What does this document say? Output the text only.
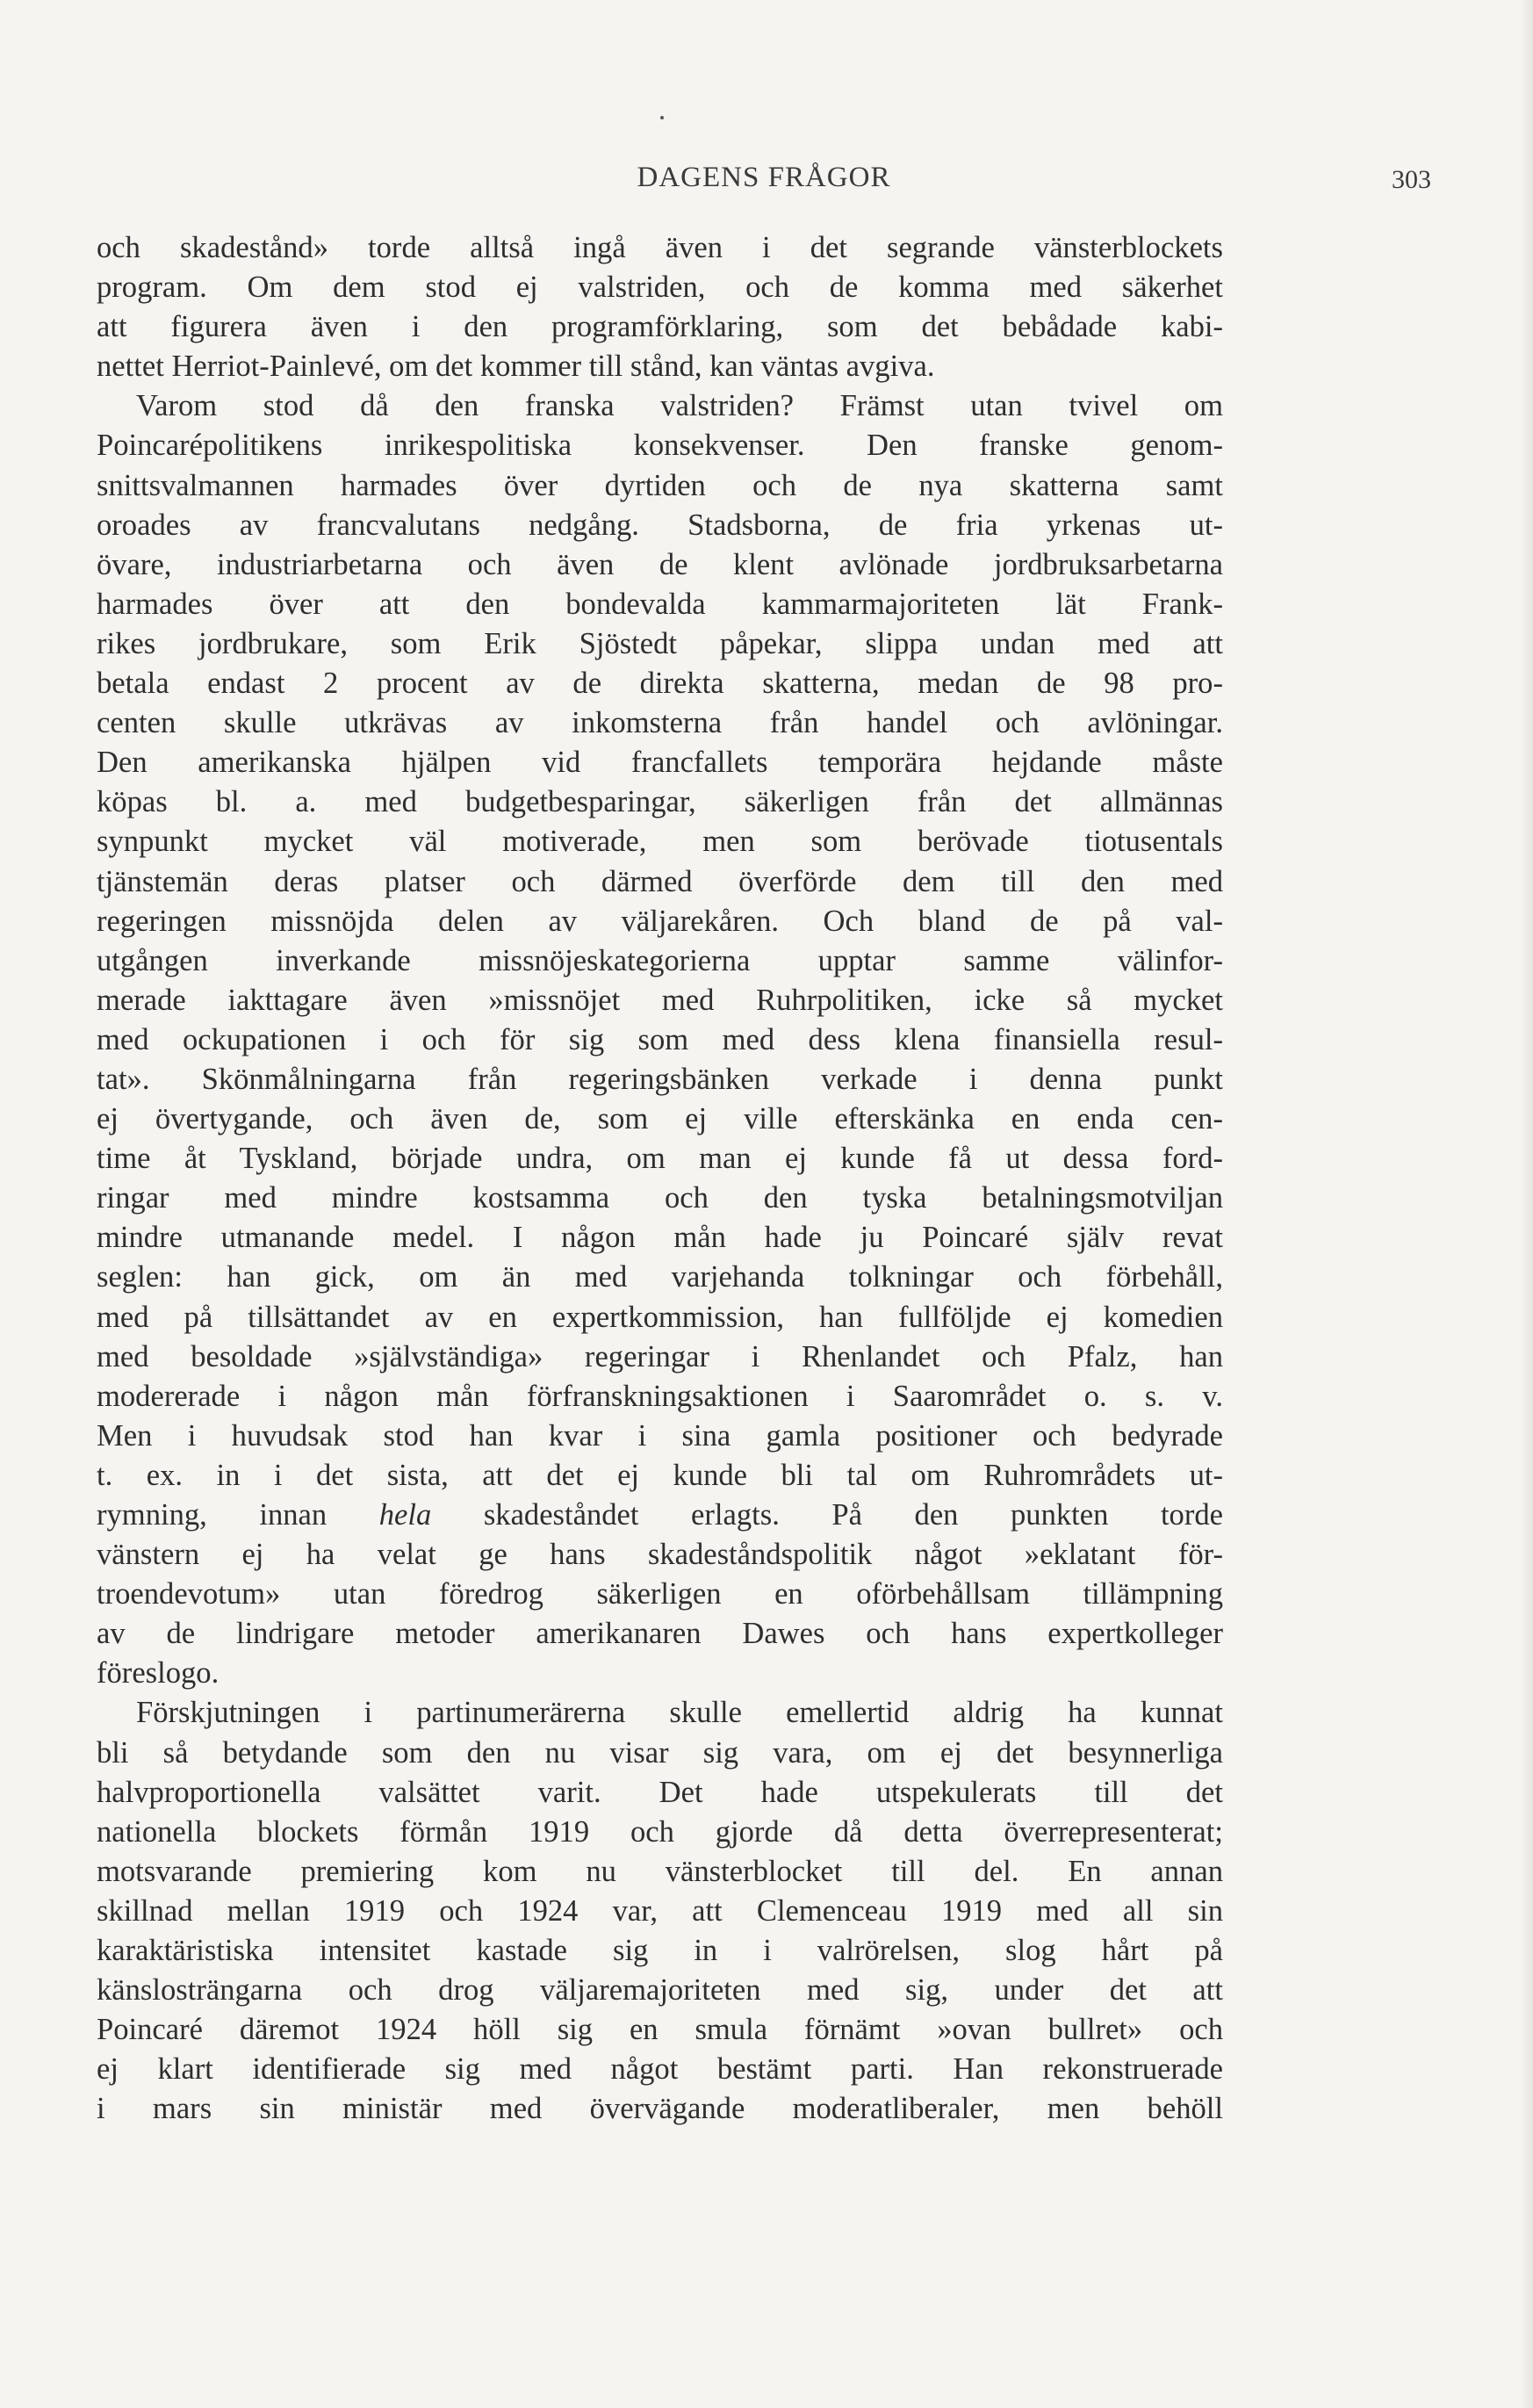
DAGENS FRÅGOR	303
och skadestånd» torde alltså ingå även i det segrande vänsterblockets
program. Om dem stod ej valstriden, och de komma med säkerhet
att figurera även i den programförklaring, som det bebådade kabi-
nettet Herriot-Painlevé, om det kommer till stånd, kan väntas avgiva.
Varom stod då den franska valstriden? Främst utan tvivel om
Poincarépolitikens inrikespolitiska konsekvenser. Den franske genom-
snittsvalmannen harmades över dyrtiden och de nya skatterna samt
oroades av francvalutans nedgång. Stadsborna, de fria yrkenas ut-
övare, industriarbetarna och även de klent avlönade jordbruksarbetarna
harmades över att den bondevalda kammarmajoriteten lät Frank-
rikes jordbrukare, som Erik Sjöstedt påpekar, slippa undan med att
betala endast 2 procent av de direkta skatterna, medan de 98 pro-
centen skulle utkrävas av inkomsterna från handel och avlöningar.
Den amerikanska hjälpen vid francfallets temporära hejdande måste
köpas bl. a. med budgetbesparingar, säkerligen från det allmännas
synpunkt mycket väl motiverade, men som berövade tiotusentals
tjänstemän deras platser och därmed överförde dem till den med
regeringen missnöjda delen av väljarekåren. Och bland de på val-
utgången inverkande missnöjeskategorierna upptar samme välinfor-
merade iakttagare även »missnöjet med Ruhrpolitiken, icke så mycket
med ockupationen i och för sig som med dess klena finansiella resul-
tat». Skönmålningarna från regeringsbänken verkade i denna punkt
ej övertygande, och även de, som ej ville efterskänka en enda cen-
time åt Tyskland, började undra, om man ej kunde få ut dessa ford-
ringar med mindre kostsamma och den tyska betalningsmotviljan
mindre utmanande medel. I någon mån hade ju Poincaré själv revat
seglen: han gick, om än med varjehanda tolkningar och förbehåll,
med på tillsättandet av en expertkommission, han fullföljde ej komedien
med besoldade »självständiga» regeringar i Rhenlandet och Pfalz, han
modererade i någon mån förfranskningsaktionen i Saarområdet o. s. v.
Men i huvudsak stod han kvar i sina gamla positioner och bedyrade
t. ex. in i det sista, att det ej kunde bli tal om Ruhrområdets ut-
rymning, innan hela skadeståndet erlagts. På den punkten torde
vänstern ej ha velat ge hans skadeståndspolitik något »eklatant för-
troendevotum» utan föredrog säkerligen en oförbehållsam tillämpning
av de lindrigare metoder amerikanaren Dawes och hans expertkolleger
föreslogo.
Förskjutningen i partinumerärerna skulle emellertid aldrig ha kunnat
bli så betydande som den nu visar sig vara, om ej det besynnerliga
halvproportionella valsättet varit. Det hade utspekulerats till det
nationella blockets förmån 1919 och gjorde då detta överrepresenterat;
motsvarande premiering kom nu vänsterblocket till del. En annan
skillnad mellan 1919 och 1924 var, att Clemenceau 1919 med all sin
karaktäristiska intensitet kastade sig in i valrörelsen, slog hårt på
känslosträngarna och drog väljaremajoriteten med sig, under det att
Poincaré däremot 1924 höll sig en smula förnämt »ovan bullret» och
ej klart identifierade sig med något bestämt parti. Han rekonstruerade
i mars sin ministär med övervägande moderatliberaler, men behöll
